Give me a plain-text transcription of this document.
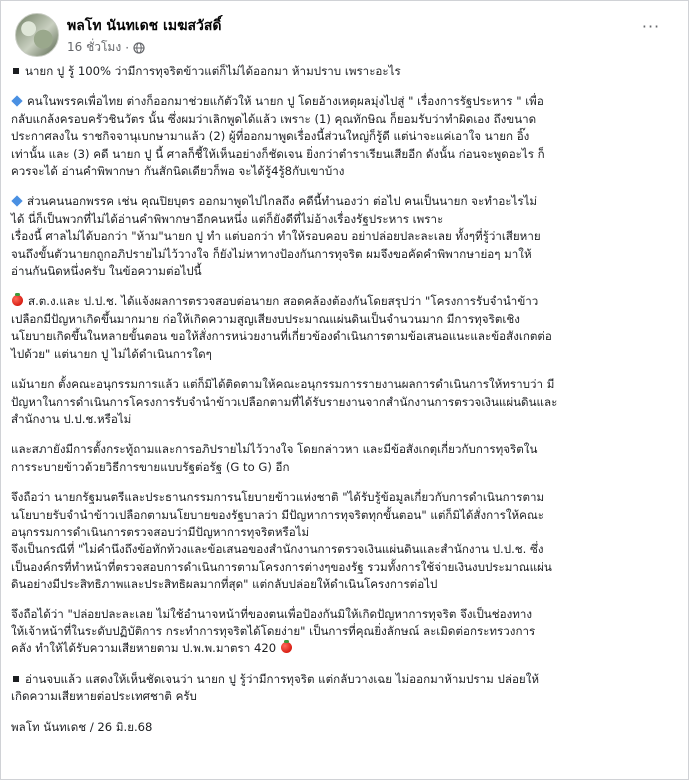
พลโท นันทเดช เมฆสวัสดิ์
16 ชั่วโมง ·
···

นายก ปู รู้ 100% ว่ามีการทุจริตข้าวแต่ก็ไม่ได้ออกมา ห้ามปราบ เพราะอะไร

คนในพรรคเพื่อไทย ต่างก็ออกมาช่วยแก้ตัวให้ นายก ปู โดยอ้างเหตุผลมุ่งไปสู่ " เรื่องการรัฐประหาร " เพื่อ
กลับแกล้งครอบครัวชินวัตร นั้น ซึ่งผมว่าเลิกพูดได้แล้ว เพราะ (1) คุณทักษิณ ก็ยอมรับว่าทำผิดเอง ถึงขนาด
ประกาศลงใน ราชกิจจานุเบกษามาแล้ว (2) ผู้ที่ออกมาพูดเรื่องนี้ส่วนใหญ่ก็รู้ดี แต่น่าจะแค่เอาใจ นายก อิ๊ง
เท่านั้น และ (3) คดี นายก ปู นี้ ศาลก็ชี้ให้เห็นอย่างก็ชัดเจน ยิ่งกว่าตำราเรียนเสียอีก ดังนั้น ก่อนจะพูดอะไร ก็
ควรจะได้ อ่านคำพิพากษา กันสักนิดเดียวก็พอ จะได้รู้4รู้8กับเขาบ้าง

ส่วนคนนอกพรรค เช่น คุณปิยบุตร ออกมาพูดไปไกลถึง คดีนี้ทำนองว่า ต่อไป คนเป็นนายก จะทำอะไรไม่
ได้ นี่ก็เป็นพวกที่ไม่ได้อ่านคำพิพากษาอีกคนหนึ่ง แต่ก็ยังดีที่ไม่อ้างเรื่องรัฐประหาร เพราะ
เรื่องนี้ ศาลไม่ได้บอกว่า "ห้าม"นายก ปู ทำ แต่บอกว่า ทำให้รอบคอบ อย่าปล่อยปละละเลย ทั้งๆที่รู้ว่าเสียหาย
จนถึงขั้นตัวนายกถูกอภิปรายไม่ไว้วางใจ ก็ยังไม่หาทางป้องกันการทุจริต ผมจึงขอคัดคำพิพากษาย่อๆ มาให้
อ่านกันนิดหนึ่งครับ ในข้อความต่อไปนี้

ส.ต.ง.และ ป.ป.ช. ได้แจ้งผลการตรวจสอบต่อนายก สอดคล้องต้องกันโดยสรุปว่า "โครงการรับจำนำข้าว
เปลือกมีปัญหาเกิดขึ้นมากมาย ก่อให้เกิดความสูญเสียงบประมาณแผ่นดินเป็นจำนวนมาก มีการทุจริตเชิง
นโยบายเกิดขึ้นในหลายขั้นตอน ขอให้สั่งการหน่วยงานที่เกี่ยวข้องดำเนินการตามข้อเสนอแนะและข้อสังเกตต่อ
ไปด้วย" แต่นายก ปู ไม่ได้ดำเนินการใดๆ

แม้นายก ตั้งคณะอนุกรรมการแล้ว แต่ก็มิได้ติดตามให้คณะอนุกรรมการรายงานผลการดำเนินการให้ทราบว่า มี
ปัญหาในการดำเนินการโครงการรับจำนำข้าวเปลือกตามที่ได้รับรายงานจากสำนักงานการตรวจเงินแผ่นดินและ
สำนักงาน ป.ป.ช.หรือไม่

และสภายังมีการตั้งกระทู้ถามและการอภิปรายไม่ไว้วางใจ โดยกล่าวหา และมีข้อสังเกตุเกี่ยวกับการทุจริตใน
การระบายข้าวด้วยวิธีการขายแบบรัฐต่อรัฐ (G to G) อีก

จึงถือว่า นายกรัฐมนตรีและประธานกรรมการนโยบายข้าวแห่งชาติ "ได้รับรู้ข้อมูลเกี่ยวกับการดำเนินการตาม
นโยบายรับจำนำข้าวเปลือกตามนโยบายของรัฐบาลว่า มีปัญหาการทุจริตทุกขั้นตอน" แต่ก็มิได้สั่งการให้คณะ
อนุกรรมการดำเนินการตรวจสอบว่ามีปัญหาการทุจริตหรือไม่
จึงเป็นกรณีที่ "ไม่คำนึงถึงข้อทักท้วงและข้อเสนอของสำนักงานการตรวจเงินแผ่นดินและสำนักงาน ป.ป.ช. ซึ่ง
เป็นองค์กรที่ทำหน้าที่ตรวจสอบการดำเนินการตามโครงการต่างๆของรัฐ รวมทั้งการใช้จ่ายเงินงบประมาณแผ่น
ดินอย่างมีประสิทธิภาพและประสิทธิผลมากที่สุด" แต่กลับปล่อยให้ดำเนินโครงการต่อไป

จึงถือได้ว่า "ปล่อยปละละเลย ไม่ใช้อำนาจหน้าที่ของตนเพื่อป้องกันมิให้เกิดปัญหาการทุจริต จึงเป็นช่องทาง
ให้เจ้าหน้าที่ในระดับปฏิบัติการ กระทำการทุจริตได้โดยง่าย" เป็นการที่คุณยิ่งลักษณ์ ละเมิดต่อกระทรวงการ
คลัง ทำให้ได้รับความเสียหายตาม ป.พ.พ.มาตรา 420

อ่านจบแล้ว แสดงให้เห็นชัดเจนว่า นายก ปู รู้ว่ามีการทุจริต แต่กลับวางเฉย ไม่ออกมาห้ามปราม ปล่อยให้
เกิดความเสียหายต่อประเทศชาติ ครับ

พลโท นันทเดช / 26 มิ.ย.68
